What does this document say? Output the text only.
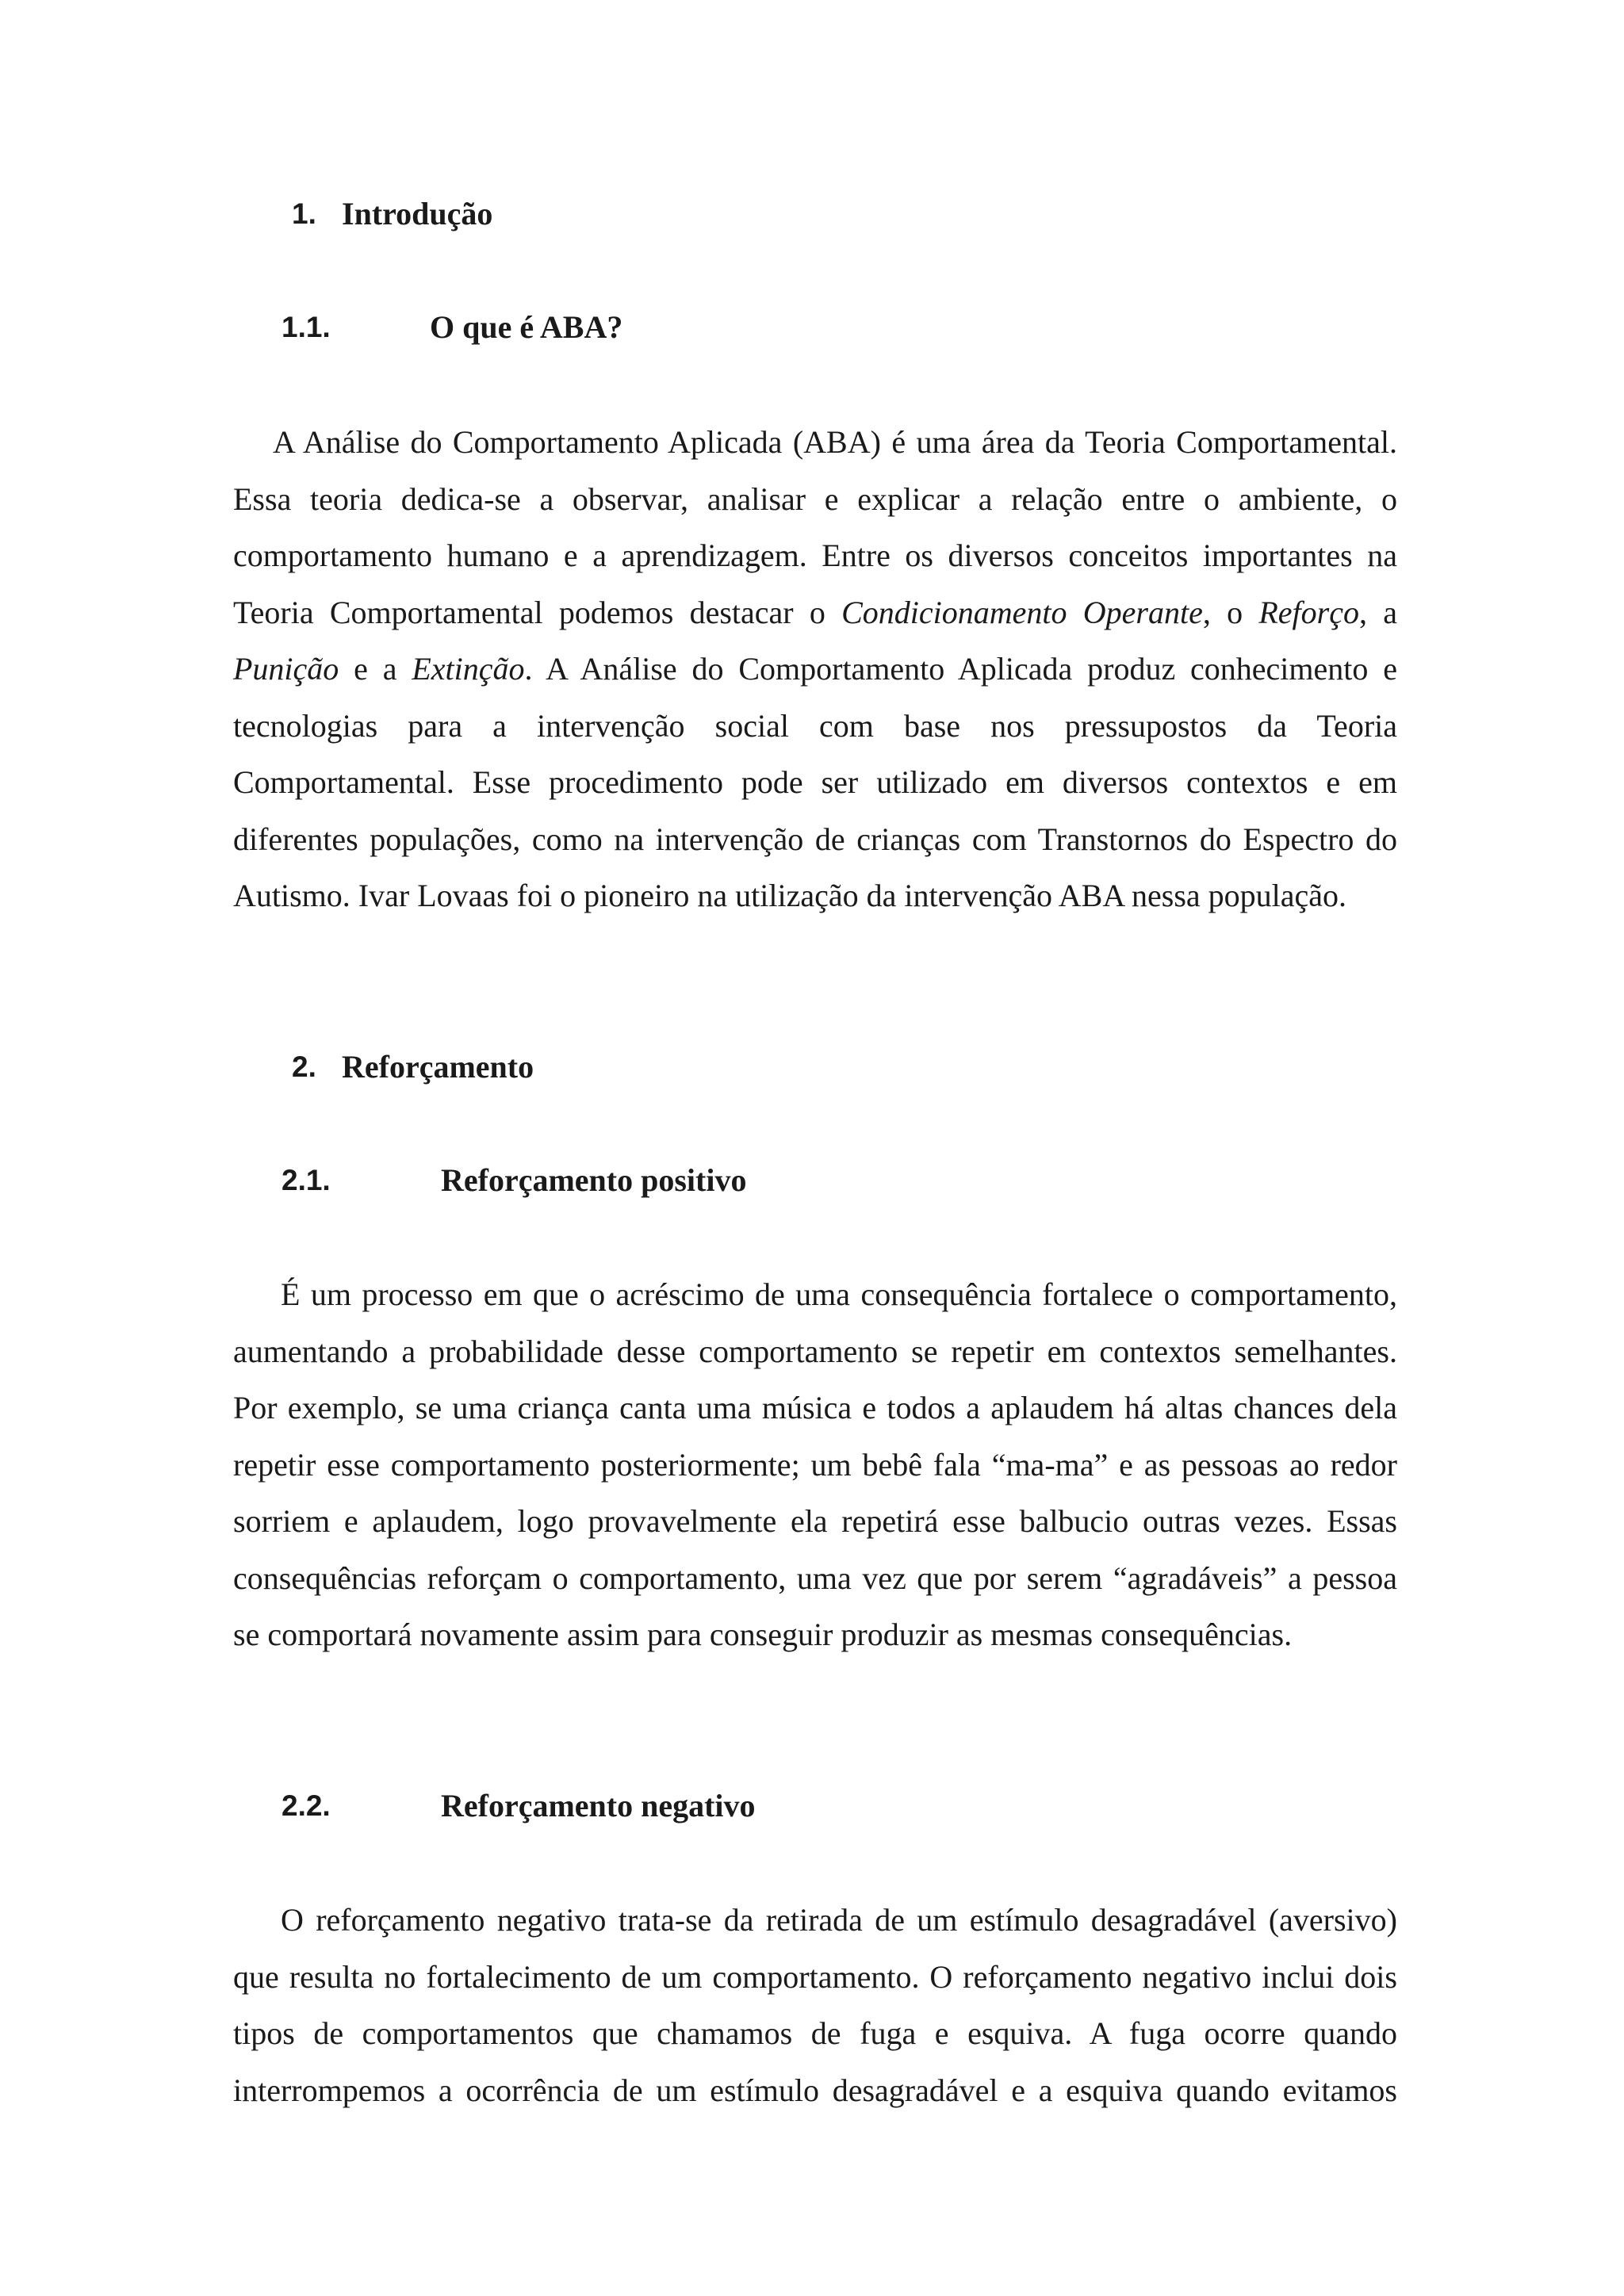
1. Introdução
1.1.	O que é ABA?

A Análise do Comportamento Aplicada (ABA) é uma área da Teoria Comportamental. Essa teoria dedica-se a observar, analisar e explicar a relação entre o ambiente, o comportamento humano e a aprendizagem. Entre os diversos conceitos importantes na Teoria Comportamental podemos destacar o Condicionamento Operante, o Reforço, a Punição e a Extinção. A Análise do Comportamento Aplicada produz conhecimento e tecnologias para a intervenção social com base nos pressupostos da Teoria Comportamental. Esse procedimento pode ser utilizado em diversos contextos e em diferentes populações, como na intervenção de crianças com Transtornos do Espectro do Autismo. Ivar Lovaas foi o pioneiro na utilização da intervenção ABA nessa população.

2. Reforçamento
2.1.	Reforçamento positivo

É um processo em que o acréscimo de uma consequência fortalece o comportamento, aumentando a probabilidade desse comportamento se repetir em contextos semelhantes. Por exemplo, se uma criança canta uma música e todos a aplaudem há altas chances dela repetir esse comportamento posteriormente; um bebê fala “ma-ma” e as pessoas ao redor sorriem e aplaudem, logo provavelmente ela repetirá esse balbucio outras vezes. Essas consequências reforçam o comportamento, uma vez que por serem “agradáveis” a pessoa se comportará novamente assim para conseguir produzir as mesmas consequências.

2.2.	Reforçamento negativo

O reforçamento negativo trata-se da retirada de um estímulo desagradável (aversivo) que resulta no fortalecimento de um comportamento. O reforçamento negativo inclui dois tipos de comportamentos que chamamos de fuga e esquiva. A fuga ocorre quando interrompemos a ocorrência de um estímulo desagradável e a esquiva quando evitamos
